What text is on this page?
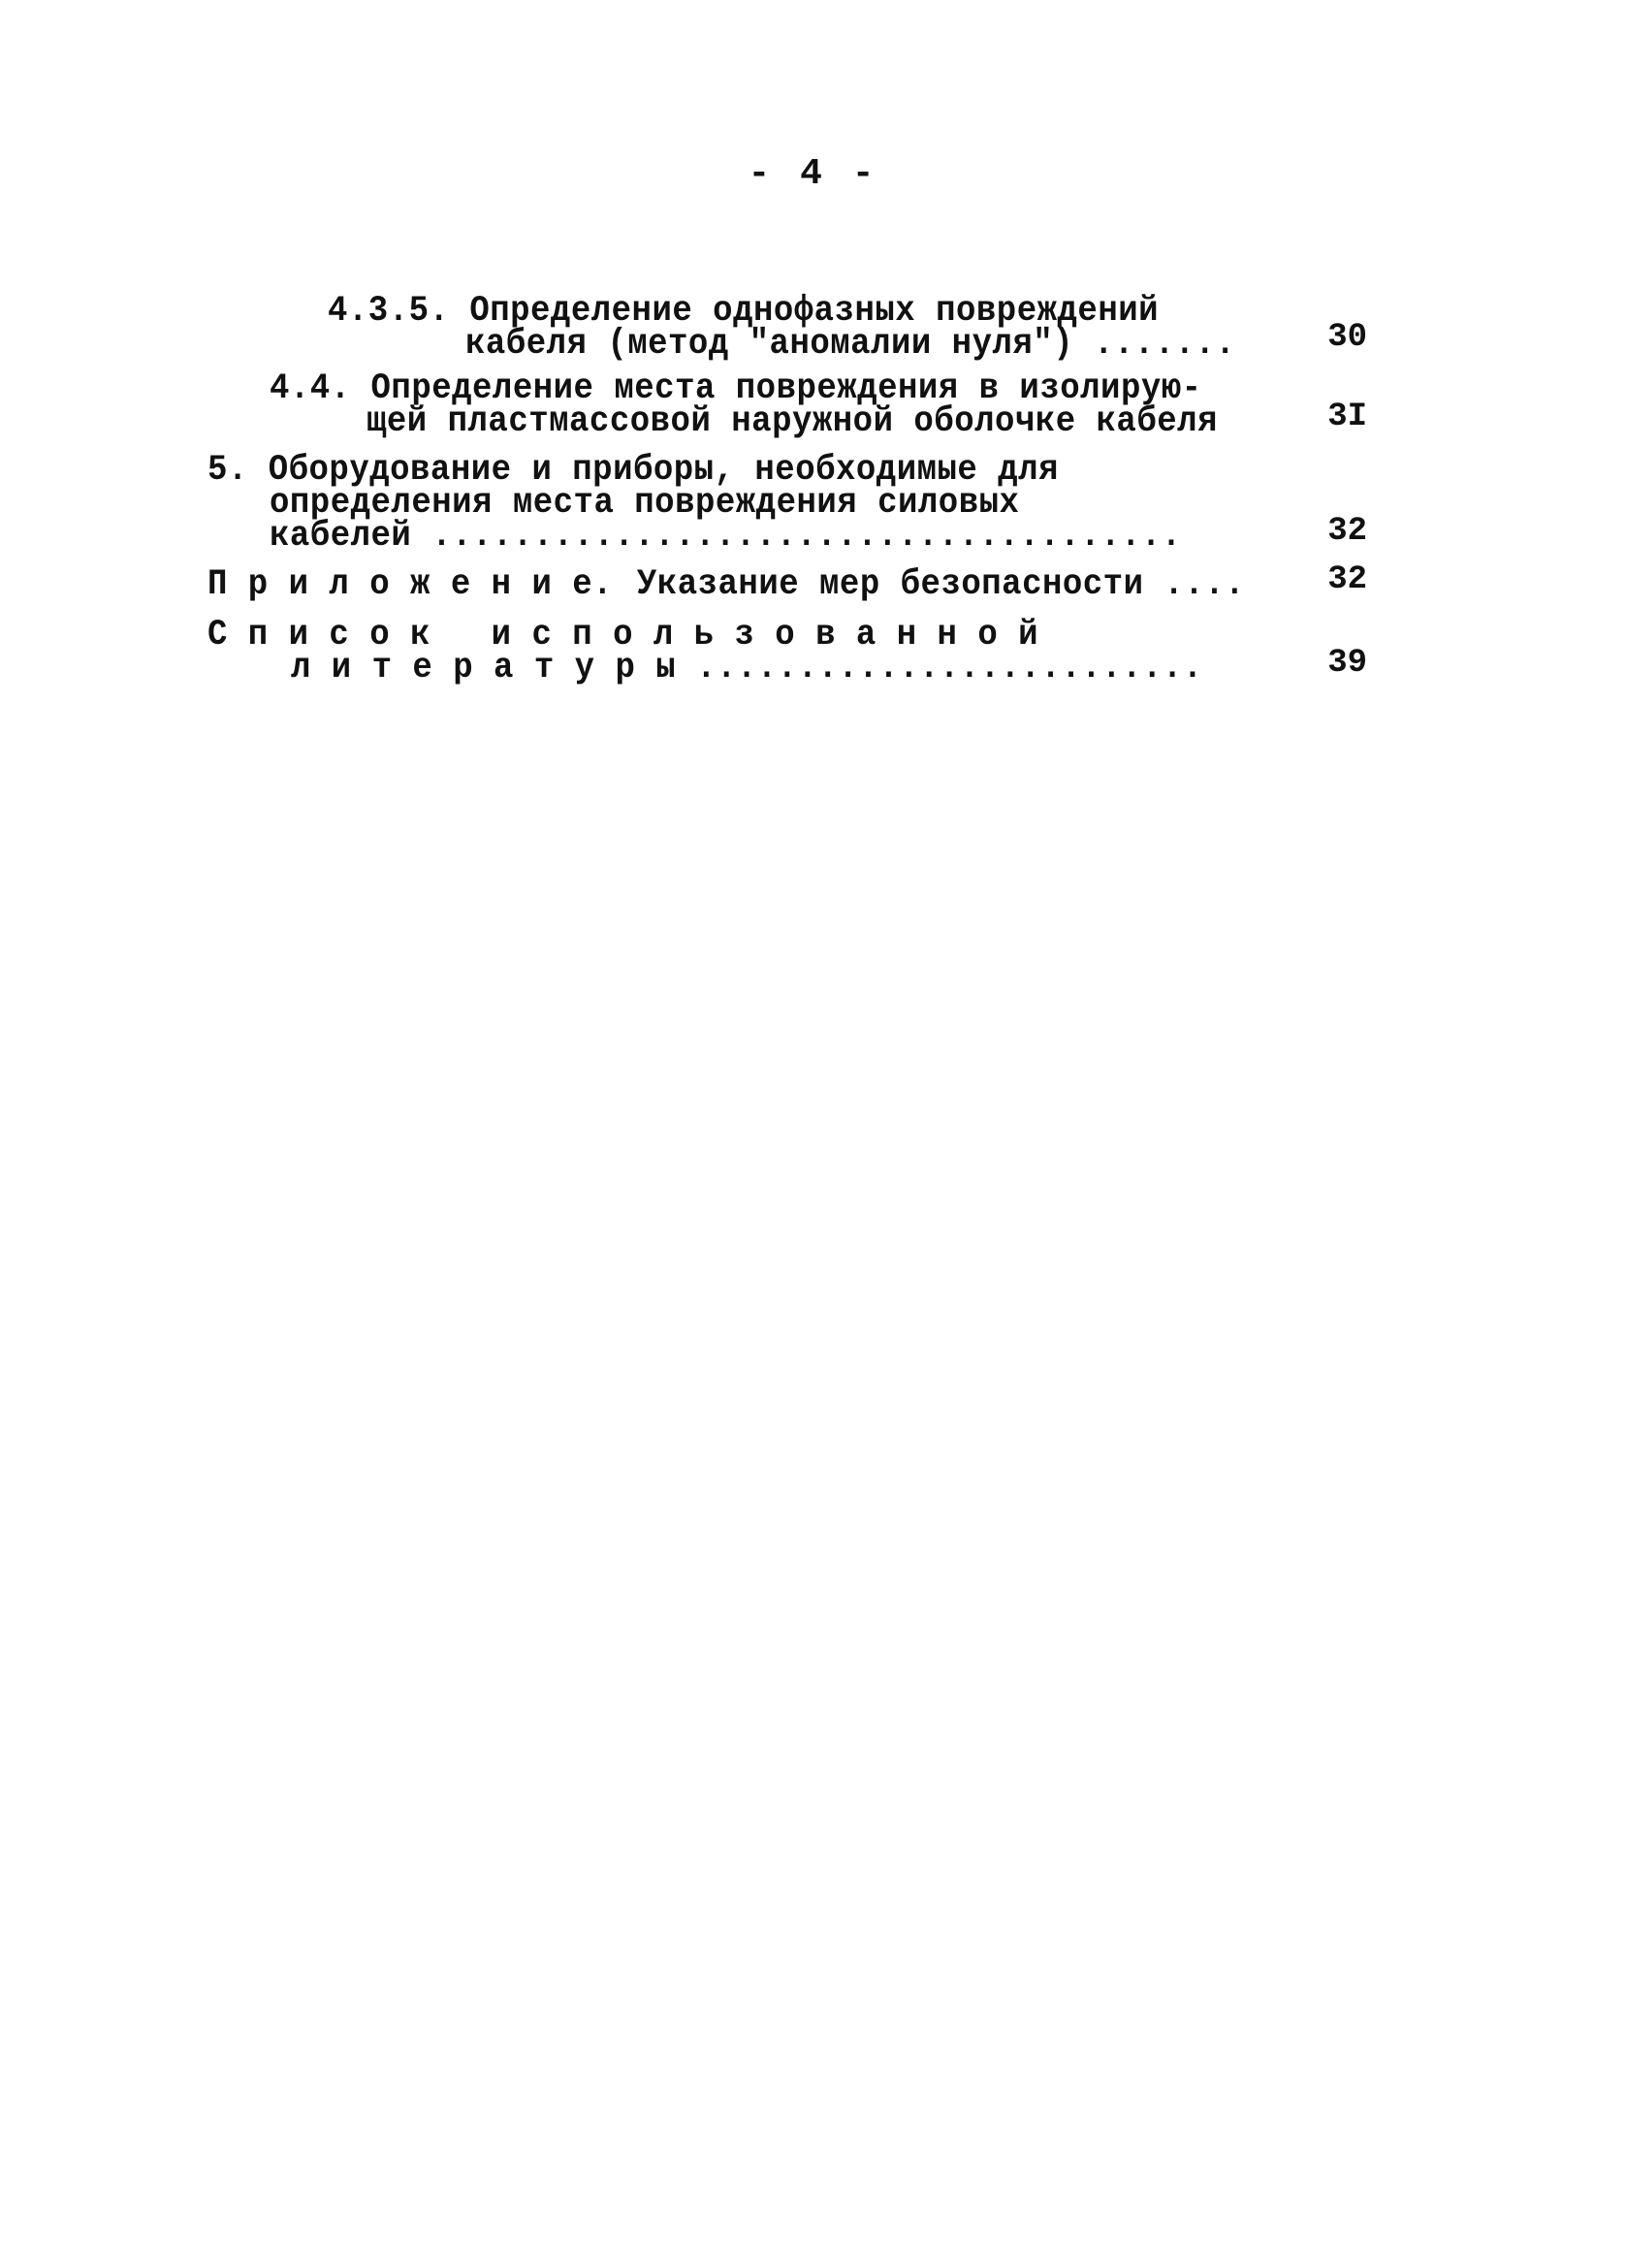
- 4 -
4.3.5. Определение однофазных повреждений
кабеля (метод "аномалии нуля") .......	30
4.4. Определение места повреждения в изолирую-
щей пластмассовой наружной оболочке кабеля	3I
5. Оборудование и приборы, необходимые для
определения места повреждения силовых
кабелей .....................................	32
П р и л о ж е н и е. Указание мер безопасности ....	32
С п и с о к   и с п о л ь з о в а н н о й
л и т е р а т у р ы .........................	39
